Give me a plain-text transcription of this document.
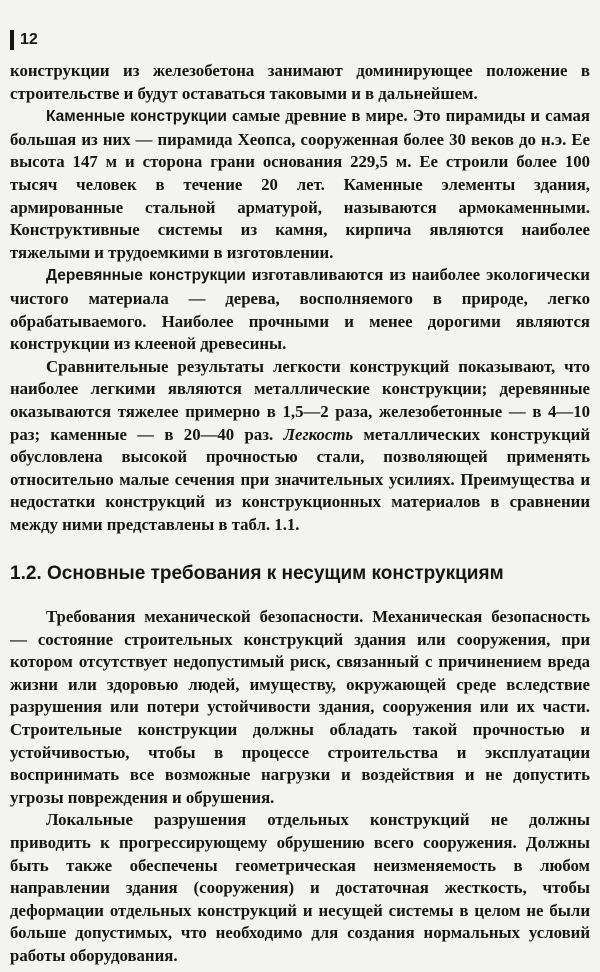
12

конструкции из железобетона занимают доминирующее положение в строительстве и будут оставаться таковыми и в дальнейшем.

Каменные конструкции самые древние в мире. Это пирамиды и самая большая из них — пирамида Хеопса, сооруженная более 30 веков до н.э. Ее высота 147 м и сторона грани основания 229,5 м. Ее строили более 100 тысяч человек в течение 20 лет. Каменные элементы здания, армированные стальной арматурой, называются армокаменными. Конструктивные системы из камня, кирпича являются наиболее тяжелыми и трудоемкими в изготовлении.

Деревянные конструкции изготавливаются из наиболее экологически чистого материала — дерева, восполняемого в природе, легко обрабатываемого. Наиболее прочными и менее дорогими являются конструкции из клееной древесины.

Сравнительные результаты легкости конструкций показывают, что наиболее легкими являются металлические конструкции; деревянные оказываются тяжелее примерно в 1,5—2 раза, железобетонные — в 4—10 раз; каменные — в 20—40 раз. Легкость металлических конструкций обусловлена высокой прочностью стали, позволяющей применять относительно малые сечения при значительных усилиях. Преимущества и недостатки конструкций из конструкционных материалов в сравнении между ними представлены в табл. 1.1.

1.2. Основные требования к несущим конструкциям

Требования механической безопасности. Механическая безопасность — состояние строительных конструкций здания или сооружения, при котором отсутствует недопустимый риск, связанный с причинением вреда жизни или здоровью людей, имуществу, окружающей среде вследствие разрушения или потери устойчивости здания, сооружения или их части. Строительные конструкции должны обладать такой прочностью и устойчивостью, чтобы в процессе строительства и эксплуатации воспринимать все возможные нагрузки и воздействия и не допустить угрозы повреждения и обрушения.

Локальные разрушения отдельных конструкций не должны приводить к прогрессирующему обрушению всего сооружения. Должны быть также обеспечены геометрическая неизменяемость в любом направлении здания (сооружения) и достаточная жесткость, чтобы деформации отдельных конструкций и несущей системы в целом не были больше допустимых, что необходимо для создания нормальных условий работы оборудования.
